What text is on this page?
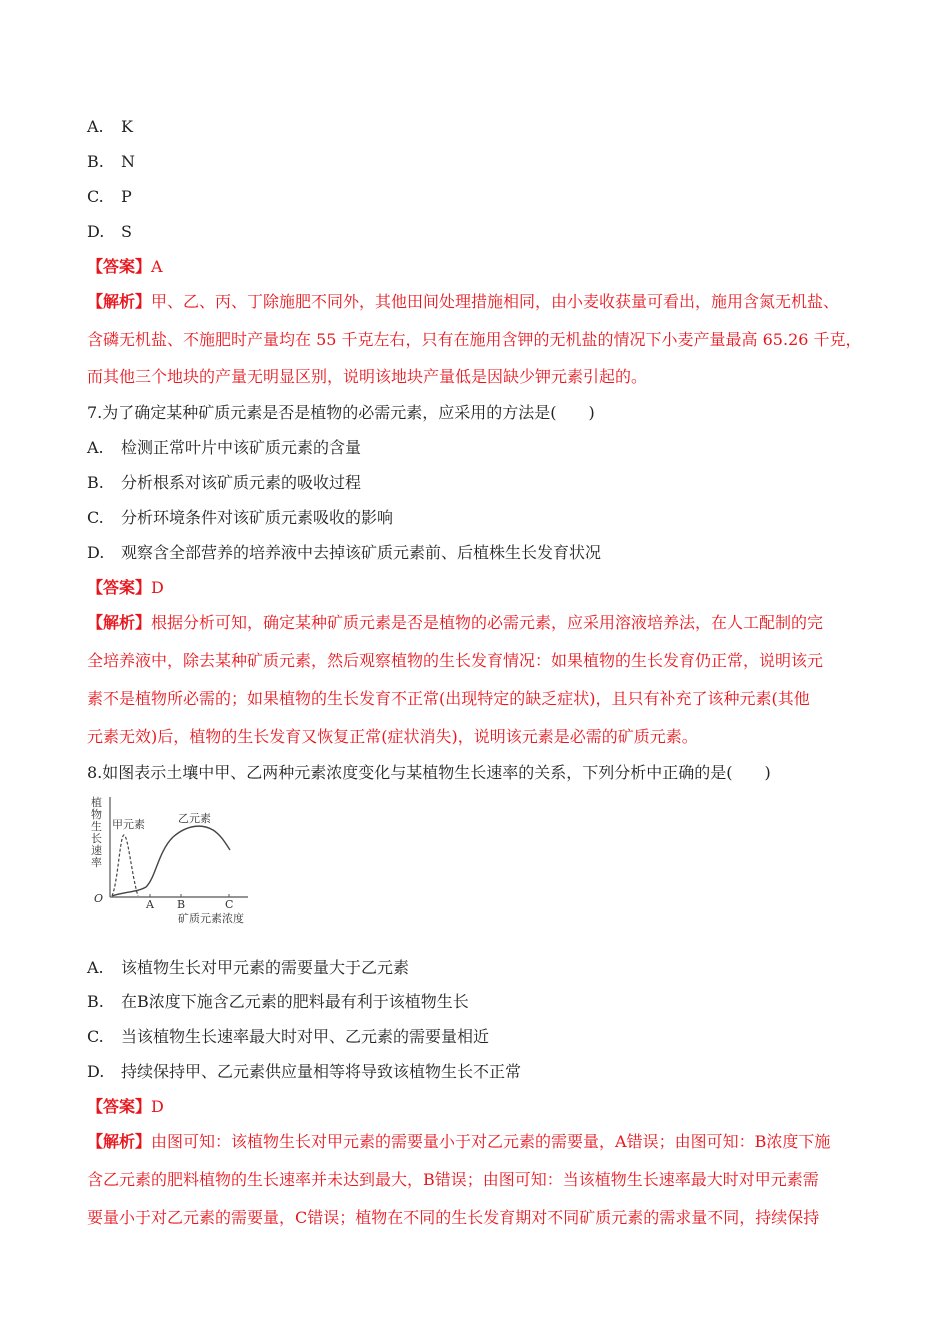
A. K
B. N
C. P
D. S
【答案】A
【解析】甲、乙、丙、丁除施肥不同外，其他田间处理措施相同，由小麦收获量可看出，施用含氮无机盐、
含磷无机盐、不施肥时产量均在 55 千克左右，只有在施用含钾的无机盐的情况下小麦产量最高 65.26 千克，
而其他三个地块的产量无明显区别，说明该地块产量低是因缺少钾元素引起的。
7.为了确定某种矿质元素是否是植物的必需元素，应采用的方法是(　　)
A. 检测正常叶片中该矿质元素的含量
B. 分析根系对该矿质元素的吸收过程
C. 分析环境条件对该矿质元素吸收的影响
D. 观察含全部营养的培养液中去掉该矿质元素前、后植株生长发育状况
【答案】D
【解析】根据分析可知，确定某种矿质元素是否是植物的必需元素，应采用溶液培养法，在人工配制的完
全培养液中，除去某种矿质元素，然后观察植物的生长发育情况：如果植物的生长发育仍正常，说明该元
素不是植物所必需的；如果植物的生长发育不正常(出现特定的缺乏症状)，且只有补充了该种元素(其他
元素无效)后，植物的生长发育又恢复正常(症状消失)，说明该元素是必需的矿质元素。
8.如图表示土壤中甲、乙两种元素浓度变化与某植物生长速率的关系，下列分析中正确的是(　　)
植
物
生
长
速
率
O
甲元素	乙元素
A B	C
矿质元素浓度
A. 该植物生长对甲元素的需要量大于乙元素
B. 在B浓度下施含乙元素的肥料最有利于该植物生长
C. 当该植物生长速率最大时对甲、乙元素的需要量相近
D. 持续保持甲、乙元素供应量相等将导致该植物生长不正常
【答案】D
【解析】由图可知：该植物生长对甲元素的需要量小于对乙元素的需要量，A错误；由图可知：B浓度下施
含乙元素的肥料植物的生长速率并未达到最大，B错误；由图可知：当该植物生长速率最大时对甲元素需
要量小于对乙元素的需要量，C错误；植物在不同的生长发育期对不同矿质元素的需求量不同，持续保持
